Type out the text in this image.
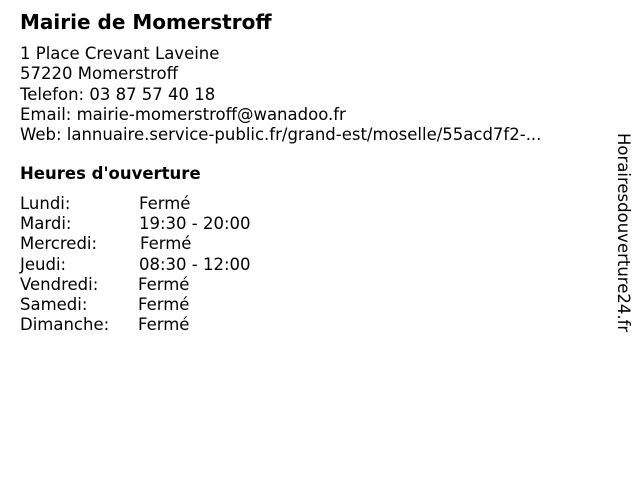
Mairie de Momerstroff
1 Place Crevant Laveine
57220 Momerstroff
Telefon: 03 87 57 40 18
Email: mairie-momerstroff@wanadoo.fr
Web: lannuaire.service-public.fr/grand-est/moselle/55acd7f2-...
Heures d'ouverture
Lundi:	Fermé
Mardi:	19:30 - 20:00
Mercredi:	Fermé
Jeudi:	08:30 - 12:00
Vendredi: Fermé
Samedi:	Fermé
Dimanche: Fermé	Horairesdouverture24.fr
